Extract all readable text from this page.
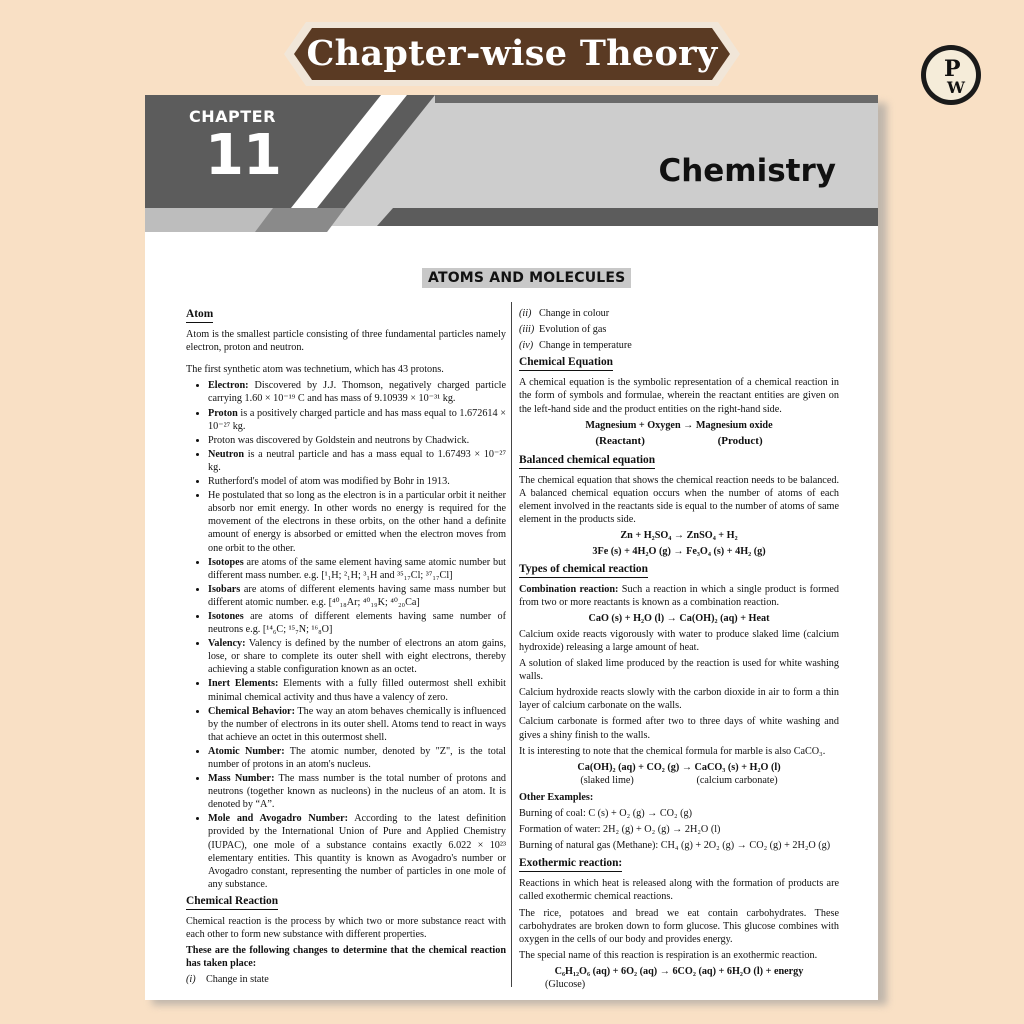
Chapter-wise Theory	P
W
CHAPTER
11	Chemistry
ATOMS AND MOLECULES
Atom

Atom is the smallest particle consisting of three fundamental particles namely electron, proton and neutron.

The first synthetic atom was technetium, which has 43 protons.

• Electron: Discovered by J.J. Thomson, negatively charged particle carrying 1.60 × 10⁻¹⁹ C and has mass of 9.10939 × 10⁻³¹ kg.
• Proton is a positively charged particle and has mass equal to 1.672614 × 10⁻²⁷ kg.
• Proton was discovered by Goldstein and neutrons by Chadwick.
• Neutron is a neutral particle and has a mass equal to 1.67493 × 10⁻²⁷ kg.
• Rutherford's model of atom was modified by Bohr in 1913.
• He postulated that so long as the electron is in a particular orbit it neither absorb nor emit energy. In other words no energy is required for the movement of the electrons in these orbits, on the other hand a definite amount of energy is absorbed or emitted when the electron moves from one orbit to the other.
• Isotopes are atoms of the same element having same atomic number but different mass number. e.g. [¹₁H; ²₁H; ³₁H and ³⁵₁₇Cl; ³⁷₁₇Cl]
• Isobars are atoms of different elements having same mass number but different atomic number. e.g. [⁴⁰₁₈Ar; ⁴⁰₁₉K; ⁴⁰₂₀Ca]
• Isotones are atoms of different elements having same number of neutrons e.g. [¹⁴₆C; ¹⁵₇N; ¹⁶₈O]
• Valency: Valency is defined by the number of electrons an atom gains, lose, or share to complete its outer shell with eight electrons, thereby achieving a stable configuration known as an octet.
• Inert Elements: Elements with a fully filled outermost shell exhibit minimal chemical activity and thus have a valency of zero.
• Chemical Behavior: The way an atom behaves chemically is influenced by the number of electrons in its outer shell. Atoms tend to react in ways that achieve an octet in this outermost shell.
• Atomic Number: The atomic number, denoted by "Z", is the total number of protons in an atom's nucleus.
• Mass Number: The mass number is the total number of protons and neutrons (together known as nucleons) in the nucleus of an atom. It is denoted by “A”.
• Mole and Avogadro Number: According to the latest definition provided by the International Union of Pure and Applied Chemistry (IUPAC), one mole of a substance contains exactly 6.022 × 10²³ elementary entities. This quantity is known as Avogadro's number or Avogadro constant, representing the number of particles in one mole of any substance.
Chemical Reaction

Chemical reaction is the process by which two or more substance react with each other to form new substance with different properties.

These are the following changes to determine that the chemical reaction has taken place:

(i) Change in state

(ii) Change in colour

(iii) Evolution of gas

(iv) Change in temperature

Chemical Equation

A chemical equation is the symbolic representation of a chemical reaction in the form of symbols and formulae, wherein the reactant entities are given on the left-hand side and the product entities on the right-hand side.

Magnesium + Oxygen → Magnesium oxide

(Reactant)	(Product)
Balanced chemical equation

The chemical equation that shows the chemical reaction needs to be balanced. A balanced chemical equation occurs when the number of atoms of each element involved in the reactants side is equal to the number of atoms of same element in the products side.

Zn + H₂SO₄ → ZnSO₄ + H₂

3Fe (s) + 4H₂O (g) → Fe₃O₄ (s) + 4H₂ (g)

Types of chemical reaction

Combination reaction: Such a reaction in which a single product is formed from two or more reactants is known as a combination reaction.

CaO (s) + H₂O (l) → Ca(OH)₂ (aq) + Heat

Calcium oxide reacts vigorously with water to produce slaked lime (calcium hydroxide) releasing a large amount of heat.

A solution of slaked lime produced by the reaction is used for white washing walls.

Calcium hydroxide reacts slowly with the carbon dioxide in air to form a thin layer of calcium carbonate on the walls.

Calcium carbonate is formed after two to three days of white washing and gives a shiny finish to the walls.

It is interesting to note that the chemical formula for marble is also CaCO₃.

Ca(OH)₂ (aq) + CO₂ (g) → CaCO₃ (s) + H₂O (l)

(slaked lime)	(calcium carbonate)

Other Examples:

Burning of coal: C (s) + O₂ (g) → CO₂ (g)

Formation of water: 2H₂ (g) + O₂ (g) → 2H₂O (l)

Burning of natural gas (Methane): CH₄ (g) + 2O₂ (g) → CO₂ (g) + 2H₂O (g)

Exothermic reaction:

Reactions in which heat is released along with the formation of products are called exothermic chemical reactions.

The rice, potatoes and bread we eat contain carbohydrates. These carbohydrates are broken down to form glucose. This glucose combines with oxygen in the cells of our body and provides energy.

The special name of this reaction is respiration is an exothermic reaction.

C₆H₁₂O₆ (aq) + 6O₂ (aq) → 6CO₂ (aq) + 6H₂O (l) + energy

(Glucose)
